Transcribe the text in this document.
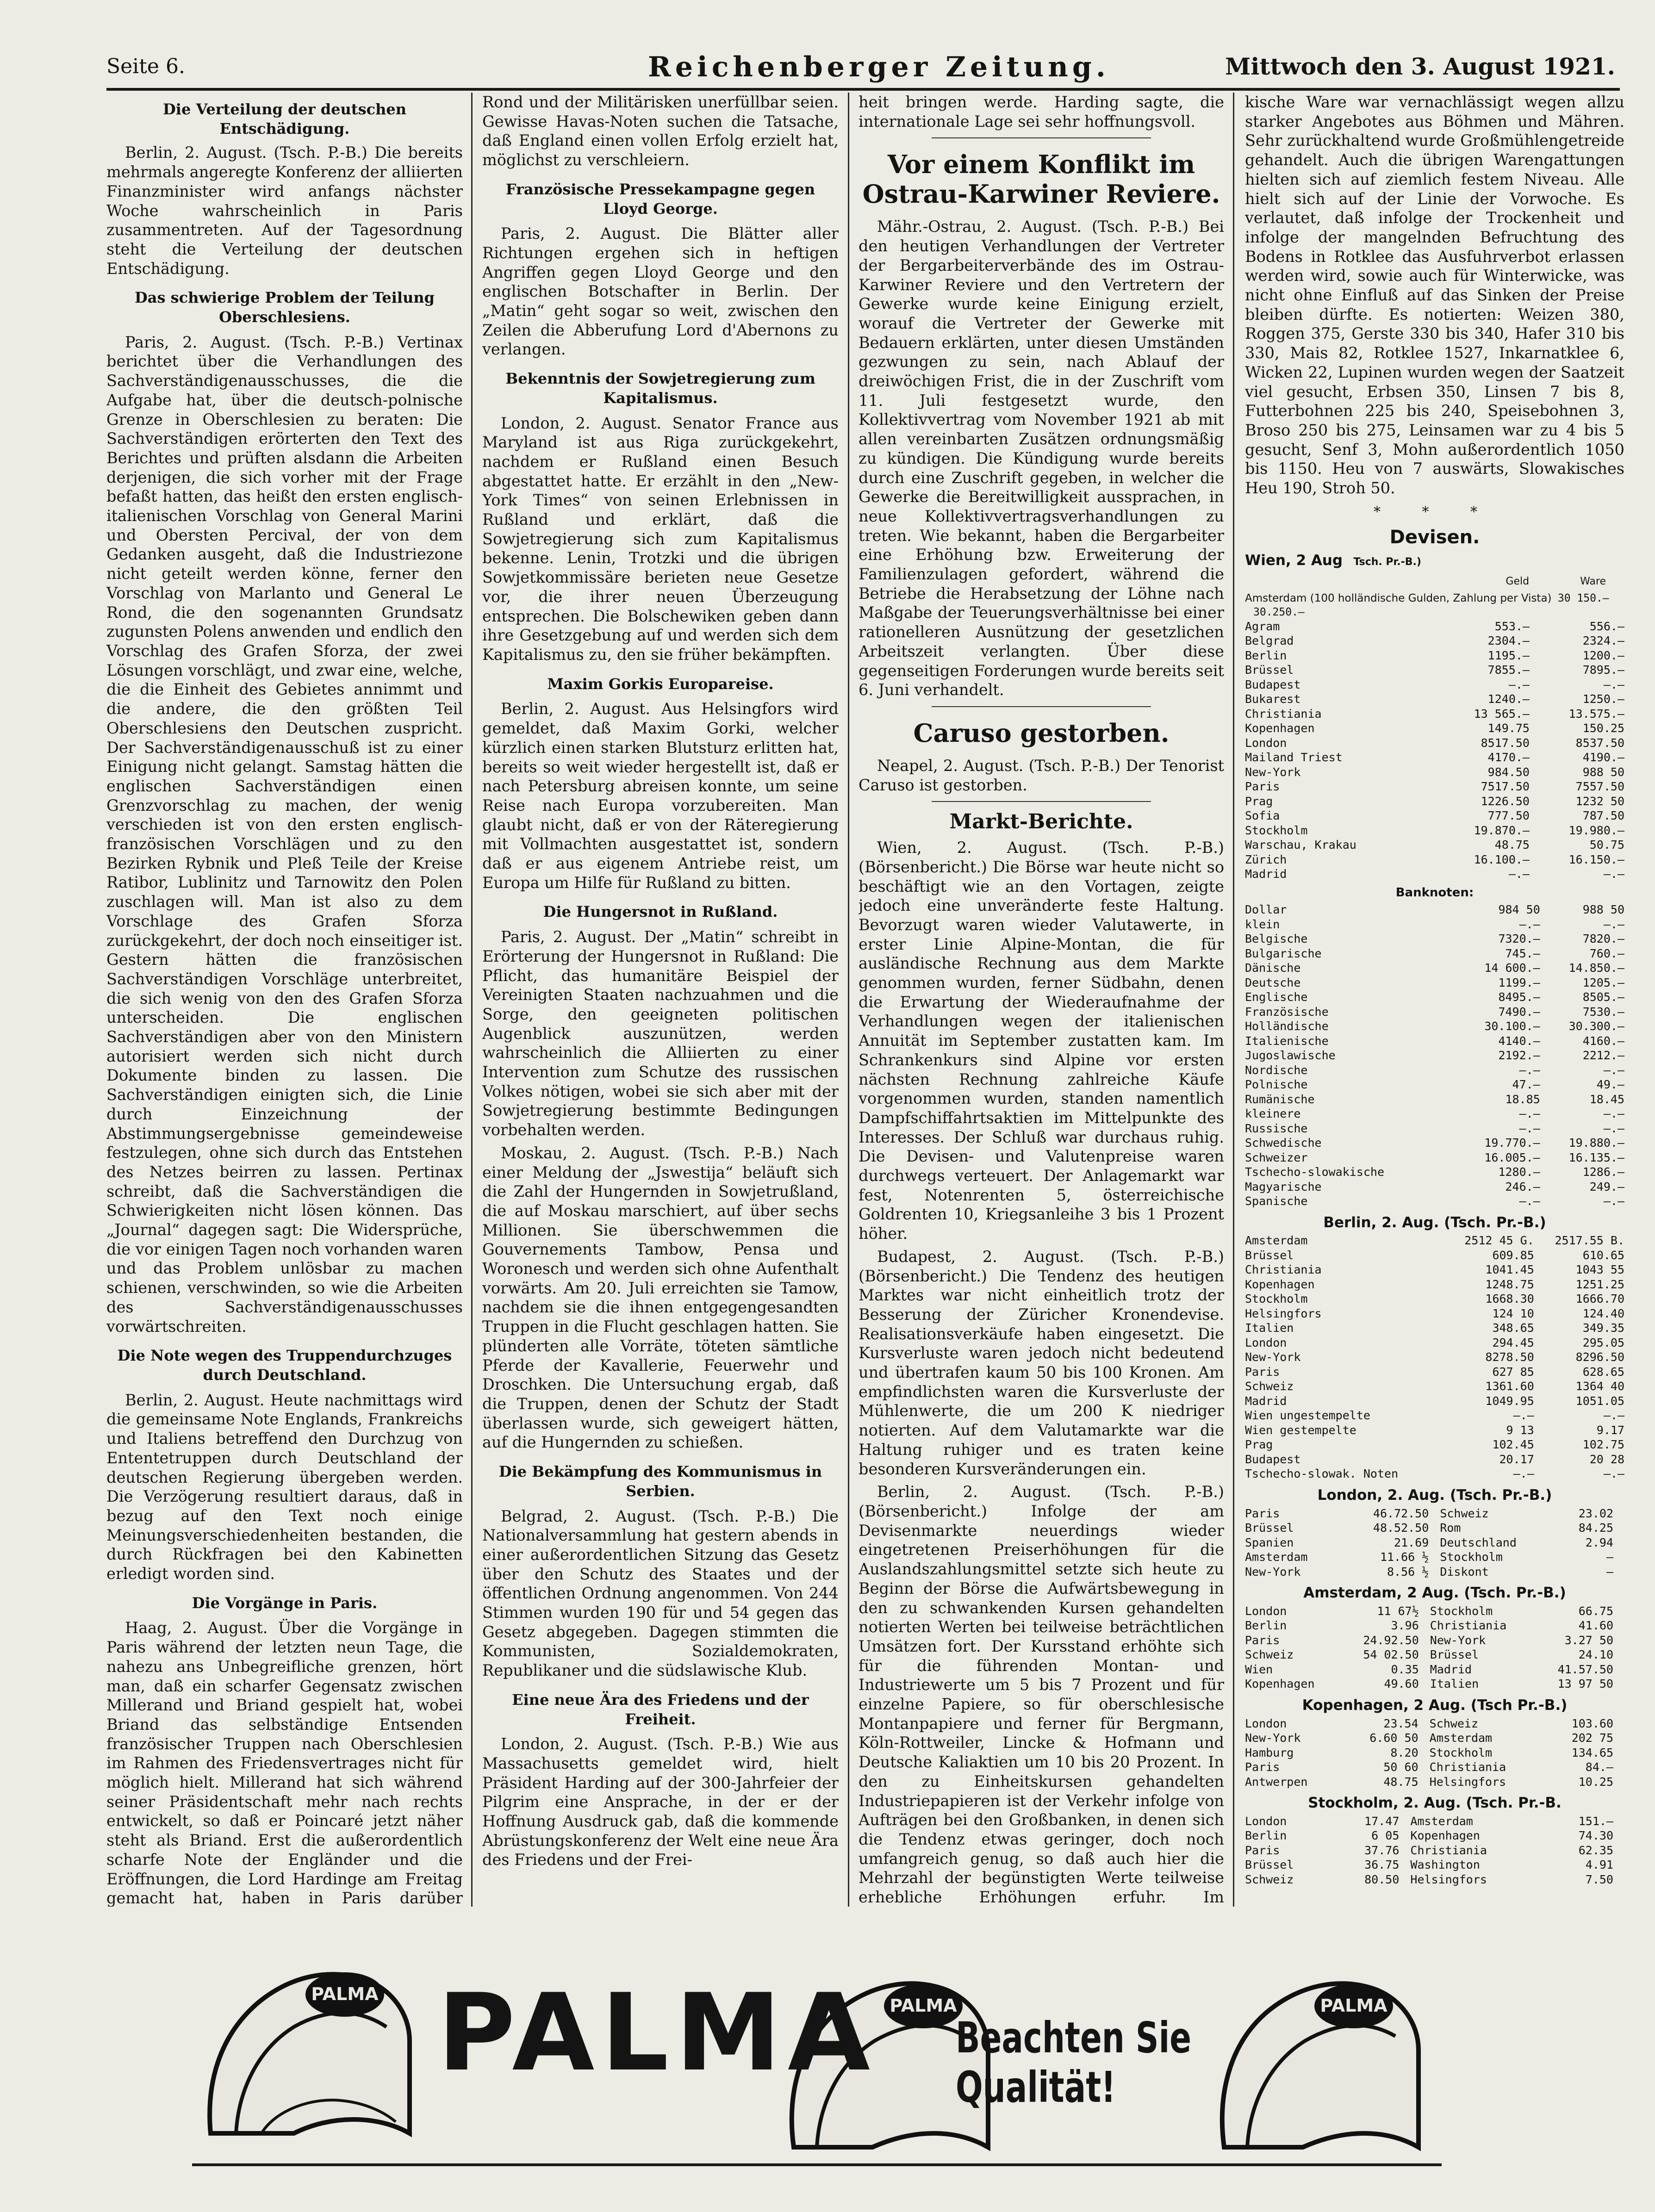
Seite 6.	Reichenberger Zeitung.	Mittwoch den 3. August 1921.

Die Verteilung der deutschen Entschädigung.

Berlin, 2. August. (Tsch. P.-B.) Die bereits mehrmals angeregte Konferenz der alliierten Finanzminister wird anfangs nächster Woche wahrscheinlich in Paris zusammentreten. Auf der Tagesordnung steht die Verteilung der deutschen Entschädigung.

Das schwierige Problem der Teilung Oberschlesiens.

Paris, 2. August. (Tsch. P.-B.) Vertinax berichtet über die Verhandlungen des Sachverständigenausschusses, die die Aufgabe hat, über die deutsch-polnische Grenze in Oberschlesien zu beraten: Die Sachverständigen erörterten den Text des Berichtes und prüften alsdann die Arbeiten derjenigen, die sich vorher mit der Frage befaßt hatten, das heißt den ersten englisch-italienischen Vorschlag von General Marini und Obersten Percival, der von dem Gedanken ausgeht, daß die Industriezone nicht geteilt werden könne, ferner den Vorschlag von Marlanto und General Le Rond, die den sogenannten Grundsatz zugunsten Polens anwenden und endlich den Vorschlag des Grafen Sforza, der zwei Lösungen vorschlägt, und zwar eine, welche, die die Einheit des Gebietes annimmt und die andere, die den größten Teil Oberschlesiens den Deutschen zuspricht. Der Sachverständigenausschuß ist zu einer Einigung nicht gelangt. Samstag hätten die englischen Sachverständigen einen Grenzvorschlag zu machen, der wenig verschieden ist von den ersten englisch-französischen Vorschlägen und zu den Bezirken Rybnik und Pleß Teile der Kreise Ratibor, Lublinitz und Tarnowitz den Polen zuschlagen will. Man ist also zu dem Vorschlage des Grafen Sforza zurückgekehrt, der doch noch einseitiger ist. Gestern hätten die französischen Sachverständigen Vorschläge unterbreitet, die sich wenig von den des Grafen Sforza unterscheiden. Die englischen Sachverständigen aber von den Ministern autorisiert werden sich nicht durch Dokumente binden zu lassen. Die Sachverständigen einigten sich, die Linie durch Einzeichnung der Abstimmungsergebnisse gemeindeweise festzulegen, ohne sich durch das Entstehen des Netzes beirren zu lassen. Pertinax schreibt, daß die Sachverständigen die Schwierigkeiten nicht lösen können. Das „Journal“ dagegen sagt: Die Widersprüche, die vor einigen Tagen noch vorhanden waren und das Problem unlösbar zu machen schienen, verschwinden, so wie die Arbeiten des Sachverständigenausschusses vorwärtschreiten.

Die Note wegen des Truppendurchzuges durch Deutschland.

Berlin, 2. August. Heute nachmittags wird die gemeinsame Note Englands, Frankreichs und Italiens betreffend den Durchzug von Ententetruppen durch Deutschland der deutschen Regierung übergeben werden. Die Verzögerung resultiert daraus, daß in bezug auf den Text noch einige Meinungsverschiedenheiten bestanden, die durch Rückfragen bei den Kabinetten erledigt worden sind.

Die Vorgänge in Paris.

Haag, 2. August. Über die Vorgänge in Paris während der letzten neun Tage, die nahezu ans Unbegreifliche grenzen, hört man, daß ein scharfer Gegensatz zwischen Millerand und Briand gespielt hat, wobei Briand das selbständige Entsenden französischer Truppen nach Oberschlesien im Rahmen des Friedensvertrages nicht für möglich hielt. Millerand hat sich während seiner Präsidentschaft mehr nach rechts entwickelt, so daß er Poincaré jetzt näher steht als Briand. Erst die außerordentlich scharfe Note der Engländer und die Eröffnungen, die Lord Hardinge am Freitag gemacht hat, haben in Paris darüber

Rond und der Militärisken unerfüllbar seien. Gewisse Havas-Noten suchen die Tatsache, daß England einen vollen Erfolg erzielt hat, möglichst zu verschleiern.

Französische Pressekampagne gegen Lloyd George.

Paris, 2. August. Die Blätter aller Richtungen ergehen sich in heftigen Angriffen gegen Lloyd George und den englischen Botschafter in Berlin. Der „Matin“ geht sogar so weit, zwischen den Zeilen die Abberufung Lord d'Abernons zu verlangen.

Bekenntnis der Sowjetregierung zum Kapitalismus.

London, 2. August. Senator France aus Maryland ist aus Riga zurückgekehrt, nachdem er Rußland einen Besuch abgestattet hatte. Er erzählt in den „New-York Times“ von seinen Erlebnissen in Rußland und erklärt, daß die Sowjetregierung sich zum Kapitalismus bekenne. Lenin, Trotzki und die übrigen Sowjetkommissäre berieten neue Gesetze vor, die ihrer neuen Überzeugung entsprechen. Die Bolschewiken geben dann ihre Gesetzgebung auf und werden sich dem Kapitalismus zu, den sie früher bekämpften.

Maxim Gorkis Europareise.

Berlin, 2. August. Aus Helsingfors wird gemeldet, daß Maxim Gorki, welcher kürzlich einen starken Blutsturz erlitten hat, bereits so weit wieder hergestellt ist, daß er nach Petersburg abreisen konnte, um seine Reise nach Europa vorzubereiten. Man glaubt nicht, daß er von der Räteregierung mit Vollmachten ausgestattet ist, sondern daß er aus eigenem Antriebe reist, um Europa um Hilfe für Rußland zu bitten.

Die Hungersnot in Rußland.

Paris, 2. August. Der „Matin“ schreibt in Erörterung der Hungersnot in Rußland: Die Pflicht, das humanitäre Beispiel der Vereinigten Staaten nachzuahmen und die Sorge, den geeigneten politischen Augenblick auszunützen, werden wahrscheinlich die Alliierten zu einer Intervention zum Schutze des russischen Volkes nötigen, wobei sie sich aber mit der Sowjetregierung bestimmte Bedingungen vorbehalten werden.

Moskau, 2. August. (Tsch. P.-B.) Nach einer Meldung der „Jswestija“ beläuft sich die Zahl der Hungernden in Sowjetrußland, die auf Moskau marschiert, auf über sechs Millionen. Sie überschwemmen die Gouvernements Tambow, Pensa und Woronesch und werden sich ohne Aufenthalt vorwärts. Am 20. Juli erreichten sie Tamow, nachdem sie die ihnen entgegengesandten Truppen in die Flucht geschlagen hatten. Sie plünderten alle Vorräte, töteten sämtliche Pferde der Kavallerie, Feuerwehr und Droschken. Die Untersuchung ergab, daß die Truppen, denen der Schutz der Stadt überlassen wurde, sich geweigert hätten, auf die Hungernden zu schießen.

Die Bekämpfung des Kommunismus in Serbien.

Belgrad, 2. August. (Tsch. P.-B.) Die Nationalversammlung hat gestern abends in einer außerordentlichen Sitzung das Gesetz über den Schutz des Staates und der öffentlichen Ordnung angenommen. Von 244 Stimmen wurden 190 für und 54 gegen das Gesetz abgegeben. Dagegen stimmten die Kommunisten, Sozialdemokraten, Republikaner und die südslawische Klub.

Eine neue Ära des Friedens und der Freiheit.

London, 2. August. (Tsch. P.-B.) Wie aus Massachusetts gemeldet wird, hielt Präsident Harding auf der 300-Jahrfeier der Pilgrim eine Ansprache, in der er der Hoffnung Ausdruck gab, daß die kommende Abrüstungskonferenz der Welt eine neue Ära des Friedens und der Frei-

heit bringen werde. Harding sagte, die internationale Lage sei sehr hoffnungsvoll.

Vor einem Konflikt im Ostrau-Karwiner Reviere.

Mähr.-Ostrau, 2. August. (Tsch. P.-B.) Bei den heutigen Verhandlungen der Vertreter der Bergarbeiterverbände des im Ostrau-Karwiner Reviere und den Vertretern der Gewerke wurde keine Einigung erzielt, worauf die Vertreter der Gewerke mit Bedauern erklärten, unter diesen Umständen gezwungen zu sein, nach Ablauf der dreiwöchigen Frist, die in der Zuschrift vom 11. Juli festgesetzt wurde, den Kollektivvertrag vom November 1921 ab mit allen vereinbarten Zusätzen ordnungsmäßig zu kündigen. Die Kündigung wurde bereits durch eine Zuschrift gegeben, in welcher die Gewerke die Bereitwilligkeit aussprachen, in neue Kollektivvertragsverhandlungen zu treten. Wie bekannt, haben die Bergarbeiter eine Erhöhung bzw. Erweiterung der Familienzulagen gefordert, während die Betriebe die Herabsetzung der Löhne nach Maßgabe der Teuerungsverhältnisse bei einer rationelleren Ausnützung der gesetzlichen Arbeitszeit verlangten. Über diese gegenseitigen Forderungen wurde bereits seit 6. Juni verhandelt.

Caruso gestorben.

Neapel, 2. August. (Tsch. P.-B.) Der Tenorist Caruso ist gestorben.

Markt-Berichte.

Wien, 2. August. (Tsch. P.-B.) (Börsenbericht.) Die Börse war heute nicht so beschäftigt wie an den Vortagen, zeigte jedoch eine unveränderte feste Haltung. Bevorzugt waren wieder Valutawerte, in erster Linie Alpine-Montan, die für ausländische Rechnung aus dem Markte genommen wurden, ferner Südbahn, denen die Erwartung der Wiederaufnahme der Verhandlungen wegen der italienischen Annuität im September zustatten kam. Im Schrankenkurs sind Alpine vor ersten nächsten Rechnung zahlreiche Käufe vorgenommen wurden, standen namentlich Dampfschiffahrtsaktien im Mittelpunkte des Interesses. Der Schluß war durchaus ruhig. Die Devisen- und Valutenpreise waren durchwegs verteuert. Der Anlagemarkt war fest, Notenrenten 5, österreichische Goldrenten 10, Kriegsanleihe 3 bis 1 Prozent höher.

Budapest, 2. August. (Tsch. P.-B.) (Börsenbericht.) Die Tendenz des heutigen Marktes war nicht einheitlich trotz der Besserung der Züricher Kronendevise. Realisationsverkäufe haben eingesetzt. Die Kursverluste waren jedoch nicht bedeutend und übertrafen kaum 50 bis 100 Kronen. Am empfindlichsten waren die Kursverluste der Mühlenwerte, die um 200 K niedriger notierten. Auf dem Valutamarkte war die Haltung ruhiger und es traten keine besonderen Kursveränderungen ein.

Berlin, 2. August. (Tsch. P.-B.) (Börsenbericht.) Infolge der am Devisenmarkte neuerdings wieder eingetretenen Preiserhöhungen für die Auslandszahlungsmittel setzte sich heute zu Beginn der Börse die Aufwärtsbewegung in den zu schwankenden Kursen gehandelten notierten Werten bei teilweise beträchtlichen Umsätzen fort. Der Kursstand erhöhte sich für die führenden Montan- und Industriewerte um 5 bis 7 Prozent und für einzelne Papiere, so für oberschlesische Montanpapiere und ferner für Bergmann, Köln-Rottweiler, Lincke & Hofmann und Deutsche Kaliaktien um 10 bis 20 Prozent. In den zu Einheitskursen gehandelten Industriepapieren ist der Verkehr infolge von Aufträgen bei den Großbanken, in denen sich die Tendenz etwas geringer, doch noch umfangreich genug, so daß auch hier die Mehrzahl der begünstigten Werte teilweise erhebliche Erhöhungen erfuhr. Im

kische Ware war vernachlässigt wegen allzu starker Angebotes aus Böhmen und Mähren. Sehr zurückhaltend wurde Großmühlengetreide gehandelt. Auch die übrigen Warengattungen hielten sich auf ziemlich festem Niveau. Alle hielt sich auf der Linie der Vorwoche. Es verlautet, daß infolge der Trockenheit und infolge der mangelnden Befruchtung des Bodens in Rotklee das Ausfuhrverbot erlassen werden wird, sowie auch für Winterwicke, was nicht ohne Einfluß auf das Sinken der Preise bleiben dürfte. Es notierten: Weizen 380, Roggen 375, Gerste 330 bis 340, Hafer 310 bis 330, Mais 82, Rotklee 1527, Inkarnatklee 6, Wicken 22, Lupinen wurden wegen der Saatzeit viel gesucht, Erbsen 350, Linsen 7 bis 8, Futterbohnen 225 bis 240, Speisebohnen 3, Broso 250 bis 275, Leinsamen war zu 4 bis 5 gesucht, Senf 3, Mohn außerordentlich 1050 bis 1150. Heu von 7 auswärts, Slowakisches Heu 190, Stroh 50.

* * *
Devisen.
Wien, 2 Aug Tsch. Pr.-B.)
Geld	Ware
Amsterdam (100 holländische Gulden, Zahlung per Vista) 30 150.— 30.250.—
Agram	553.—	556.—
Belgrad	2304.—	2324.—
Berlin	1195.—	1200.—
Brüssel	7855.—	7895.—
Budapest	—.—	—.—
Bukarest	1240.—	1250.—
Christiania	13 565.—	13.575.—
Kopenhagen	149.75	150.25
London	8517.50	8537.50
Mailand Triest	4170.—	4190.—
New-York	984.50	988 50
Paris	7517.50	7557.50
Prag	1226.50	1232 50
Sofia	777.50	787.50
Stockholm	19.870.—	19.980.—
Warschau, Krakau	48.75	50.75
Zürich	16.100.—	16.150.—
Madrid	—.—	—.—
Banknoten:
Dollar	984 50	988 50
klein	—.—	—.—
Belgische	7320.—	7820.—
Bulgarische	745.—	760.—
Dänische	14 600.—	14.850.—
Deutsche	1199.—	1205.—
Englische	8495.—	8505.—
Französische	7490.—	7530.—
Holländische	30.100.—	30.300.—
Italienische	4140.—	4160.—
Jugoslawische	2192.—	2212.—
Nordische	—.—	—.—
Polnische	47.—	49.—
Rumänische	18.85	18.45
kleinere	—.—	—.—
Russische	—.—	—.—
Schwedische	19.770.—	19.880.—
Schweizer	16.005.—	16.135.—
Tschecho-slowakische	1280.—	1286.—
Magyarische	246.—	249.—
Spanische	—.—	—.—
Berlin, 2. Aug. (Tsch. Pr.-B.)
Amsterdam	2512 45 G.	2517.55 B.
Brüssel	609.85	610.65
Christiania	1041.45	1043 55
Kopenhagen	1248.75	1251.25
Stockholm	1668.30	1666.70
Helsingfors	124 10	124.40
Italien	348.65	349.35
London	294.45	295.05
New-York	8278.50	8296.50
Paris	627 85	628.65
Schweiz	1361.60	1364 40
Madrid	1049.95	1051.05
Wien ungestempelte	—.—	—.—
Wien gestempelte	9 13	9.17
Prag	102.45	102.75
Budapest	20.17	20 28
Tschecho-slowak. Noten	—.—	—.—
London, 2. Aug. (Tsch. Pr.-B.)
Paris	46.72.50	Schweiz	23.02
Brüssel	48.52.50	Rom	84.25
Spanien	21.69	Deutschland	2.94
Amsterdam	11.66 ½	Stockholm	—
New-York	8.56 ½	Diskont	—
Amsterdam, 2 Aug. (Tsch. Pr.-B.)
London	11 67½	Stockholm	66.75
Berlin	3.96	Christiania	41.60
Paris	24.92.50	New-York	3.27 50
Schweiz	54 02.50	Brüssel	24.10
Wien	0.35	Madrid	41.57.50
Kopenhagen	49.60	Italien	13 97 50
Kopenhagen, 2 Aug. (Tsch Pr.-B.)
London	23.54	Schweiz	103.60
New-York	6.60 50	Amsterdam	202 75
Hamburg	8.20	Stockholm	134.65
Paris	50 60	Christiania	84.—
Antwerpen	48.75	Helsingfors	10.25
Stockholm, 2. Aug. (Tsch. Pr.-B.
London	17.47	Amsterdam	151.—
Berlin	6 05	Kopenhagen	74.30
Paris	37.76	Christiania	62.35
Brüssel	36.75	Washington	4.91
Schweiz	80.50	Helsingfors	7.50
PALMA
PALMA	PALMA
PALMA Beachten Sie Qualität!
